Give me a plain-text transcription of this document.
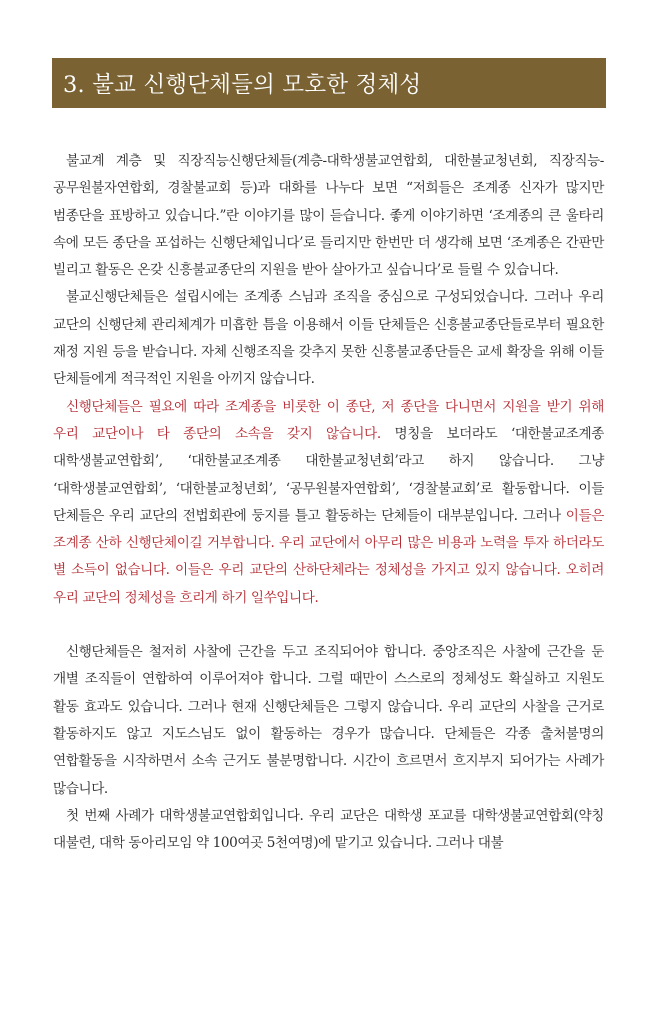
3. 불교 신행단체들의 모호한 정체성

불교계 계층 및 직장직능신행단체들(계층-대학생불교연합회, 대한불교청년회, 직장직능-공무원불자연합회, 경찰불교회 등)과 대화를 나누다 보면 “저희들은 조계종 신자가 많지만 범종단을 표방하고 있습니다.”란 이야기를 많이 듣습니다. 좋게 이야기하면 ‘조계종의 큰 울타리 속에 모든 종단을 포섭하는 신행단체입니다’로 들리지만 한번만 더 생각해 보면 ‘조계종은 간판만 빌리고 활동은 온갖 신흥불교종단의 지원을 받아 살아가고 싶습니다’로 들릴 수 있습니다.

불교신행단체들은 설립시에는 조계종 스님과 조직을 중심으로 구성되었습니다. 그러나 우리 교단의 신행단체 관리체계가 미흡한 틈을 이용해서 이들 단체들은 신흥불교종단들로부터 필요한 재정 지원 등을 받습니다. 자체 신행조직을 갖추지 못한 신흥불교종단들은 교세 확장을 위해 이들 단체들에게 적극적인 지원을 아끼지 않습니다.

신행단체들은 필요에 따라 조계종을 비롯한 이 종단, 저 종단을 다니면서 지원을 받기 위해 우리 교단이나 타 종단의 소속을 갖지 않습니다. 명칭을 보더라도 ‘대한불교조계종 대학생불교연합회’, ‘대한불교조계종 대한불교청년회’라고 하지 않습니다. 그냥 ‘대학생불교연합회’, ‘대한불교청년회’, ‘공무원불자연합회’, ‘경찰불교회’로 활동합니다. 이들 단체들은 우리 교단의 전법회관에 둥지를 틀고 활동하는 단체들이 대부분입니다. 그러나 이들은 조계종 산하 신행단체이길 거부합니다. 우리 교단에서 아무리 많은 비용과 노력을 투자 하더라도 별 소득이 없습니다. 이들은 우리 교단의 산하단체라는 정체성을 가지고 있지 않습니다. 오히려 우리 교단의 정체성을 흐리게 하기 일쑤입니다.

신행단체들은 철저히 사찰에 근간을 두고 조직되어야 합니다. 중앙조직은 사찰에 근간을 둔 개별 조직들이 연합하여 이루어져야 합니다. 그럴 때만이 스스로의 정체성도 확실하고 지원도 활동 효과도 있습니다. 그러나 현재 신행단체들은 그렇지 않습니다. 우리 교단의 사찰을 근거로 활동하지도 않고 지도스님도 없이 활동하는 경우가 많습니다. 단체들은 각종 출처불명의 연합활동을 시작하면서 소속 근거도 불분명합니다. 시간이 흐르면서 흐지부지 되어가는 사례가 많습니다.

첫 번째 사례가 대학생불교연합회입니다. 우리 교단은 대학생 포교를 대학생불교연합회(약칭 대불련, 대학 동아리모임 약 100여곳 5천여명)에 맡기고 있습니다. 그러나 대불
